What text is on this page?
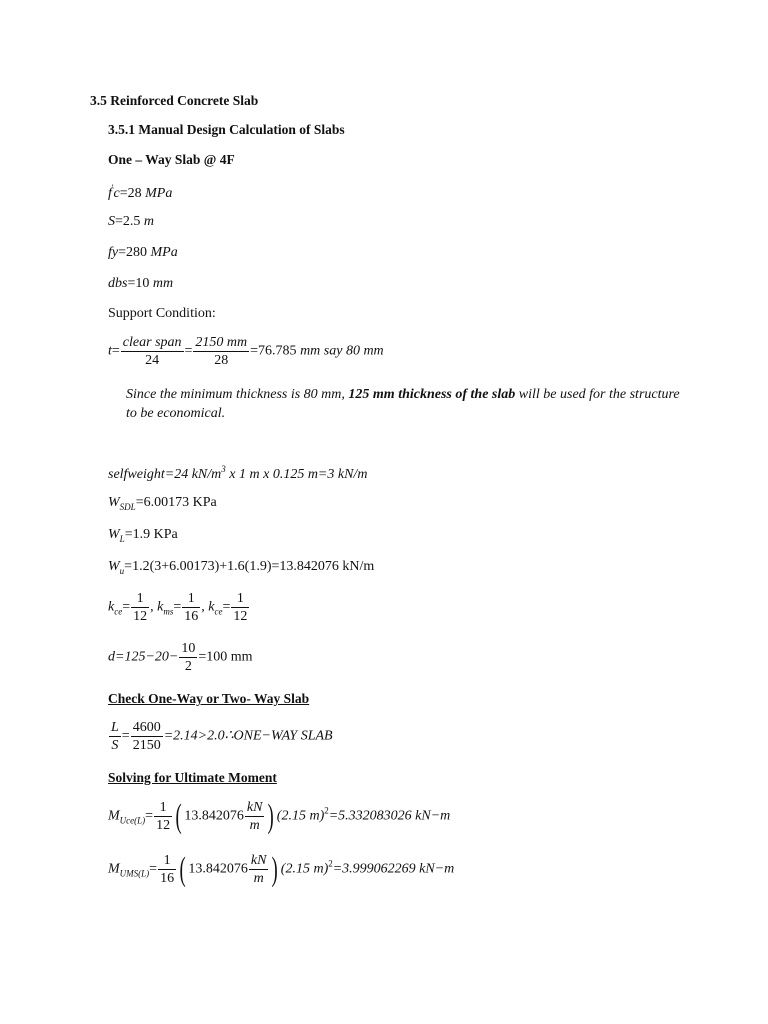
3.5 Reinforced Concrete Slab
3.5.1 Manual Design Calculation of Slabs
One – Way Slab @ 4F
f'c=28 MPa
S=2.5 m
fy=280 MPa
dbs=10 mm
Support Condition:
$t= \frac{\text{clear span}}{24} = \frac{2150 mm}{28} =76.785$ mm say 80 mm
Since the minimum thickness is 80 mm, 125 mm thickness of the slab will be used for the structure to be economical.
selfweight=24 $kN/m^3$ x 1 m x 0.125 m=3 kN/m
$W_{SDL}=6.00173$ KPa
$W_L=1.9$ KPa
$W_u=1.2(3+6.00173)+1.6(1.9)=13.842076$ kN/m
$k_{ce}= \frac{1}{12}$ , $k_{ms}= \frac{1}{16}$ , $k_{ce}= \frac{1}{12}$
$d=125-20- \frac{10}{2} =100$ mm
Check One-Way or Two- Way Slab
$\frac{L}{S} = \frac{4600}{2150}$ =2.14>2.0∴ONE−WAY SLAB
Solving for Ultimate Moment
$M_{Uce(L)}= \frac{1}{12}$ ( $13.842076 \frac{kN}{m}$ ) (2.15 m)$^2$=5.332083026 kN−m
$M_{UMS(L)}= \frac{1}{16}$ ( $13.842076 \frac{kN}{m}$ ) (2.15 m)$^2$=3.999062269 kN−m
